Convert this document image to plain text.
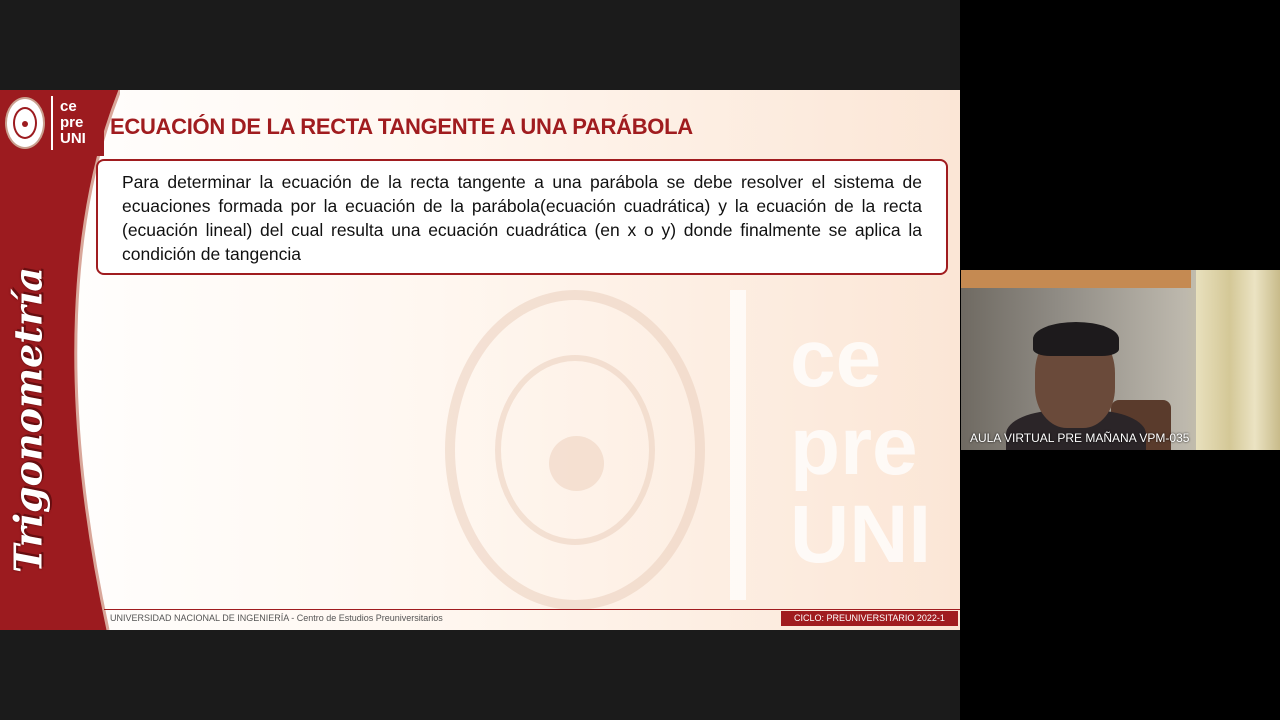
ce
pre
UNI
Trigonometría	ce
pre
UNI
ECUACIÓN DE LA RECTA TANGENTE A UNA PARÁBOLA

Para determinar la ecuación de la recta tangente a una parábola se debe resolver el sistema de ecuaciones formada por la ecuación de la parábola(ecuación cuadrática) y la ecuación de la recta (ecuación lineal) del cual resulta una ecuación cuadrática (en x o y) donde finalmente se aplica la condición de tangencia

UNIVERSIDAD NACIONAL DE INGENIERÍA - Centro de Estudios Preuniversitarios	CICLO: PREUNIVERSITARIO 2022-1
AULA VIRTUAL PRE MAÑANA VPM-035
